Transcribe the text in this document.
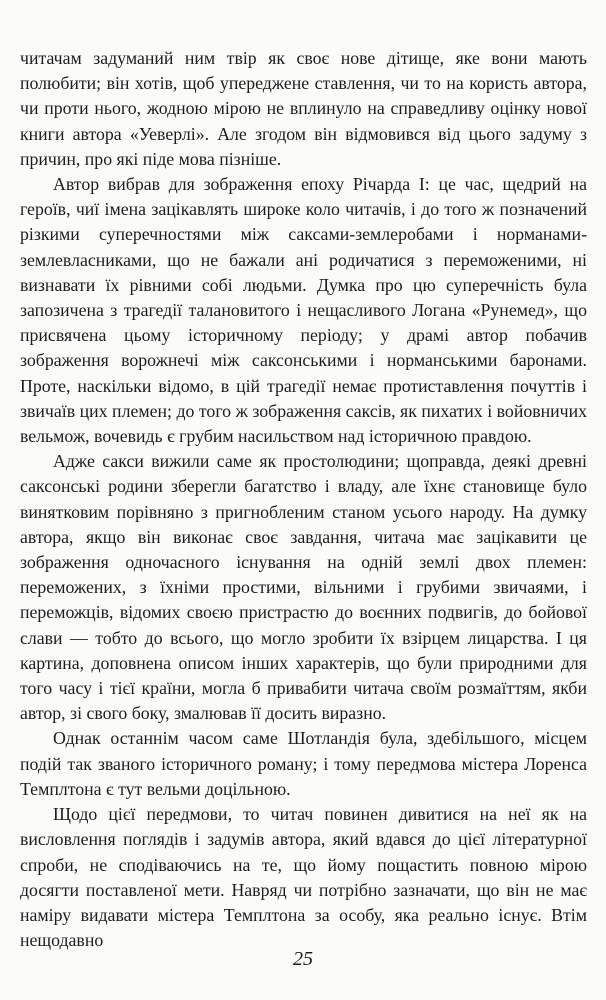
читачам задуманий ним твір як своє нове дітище, яке вони мають полюбити; він хотів, щоб упереджене ставлення, чи то на користь автора, чи проти нього, жодною мірою не вплинуло на справедливу оцінку нової книги автора «Уеверлі». Але згодом він відмовився від цього задуму з причин, про які піде мова пізніше.

Автор вибрав для зображення епоху Річарда І: це час, щедрий на героїв, чиї імена зацікавлять широке коло читачів, і до того ж позначений різкими суперечностями між саксами-землеробами і норманами-землевласниками, що не бажали ані родичатися з переможеними, ні визнавати їх рівними собі людьми. Думка про цю суперечність була запозичена з трагедії талановитого і нещасливого Логана «Рунемед», що присвячена цьому історичному періоду; у драмі автор побачив зображення ворожнечі між саксонськими і норманськими баронами. Проте, наскільки відомо, в цій трагедії немає протиставлення почуттів і звичаїв цих племен; до того ж зображення саксів, як пихатих і войовничих вельмож, вочевидь є грубим насильством над історичною правдою.

Адже сакси вижили саме як простолюдини; щоправда, деякі древні саксонські родини зберегли багатство і владу, але їхнє становище було винятковим порівняно з пригнобленим станом усього народу. На думку автора, якщо він виконає своє завдання, читача має зацікавити це зображення одночасного існування на одній землі двох племен: переможених, з їхніми простими, вільними і грубими звичаями, і переможців, відомих своєю пристрастю до воєнних подвигів, до бойової слави — тобто до всього, що могло зробити їх взірцем лицарства. І ця картина, доповнена описом інших характерів, що були природними для того часу і тієї країни, могла б привабити читача своїм розмаїттям, якби автор, зі свого боку, змалював її досить виразно.

Однак останнім часом саме Шотландія була, здебільшого, місцем подій так званого історичного роману; і тому передмова містера Лоренса Темплтона є тут вельми доцільною.

Щодо цієї передмови, то читач повинен дивитися на неї як на висловлення поглядів і задумів автора, який вдався до цієї літературної спроби, не сподіваючись на те, що йому пощастить повною мірою досягти поставленої мети. Навряд чи потрібно зазначати, що він не має наміру видавати містера Темплтона за особу, яка реально існує. Втім нещодавно

25
